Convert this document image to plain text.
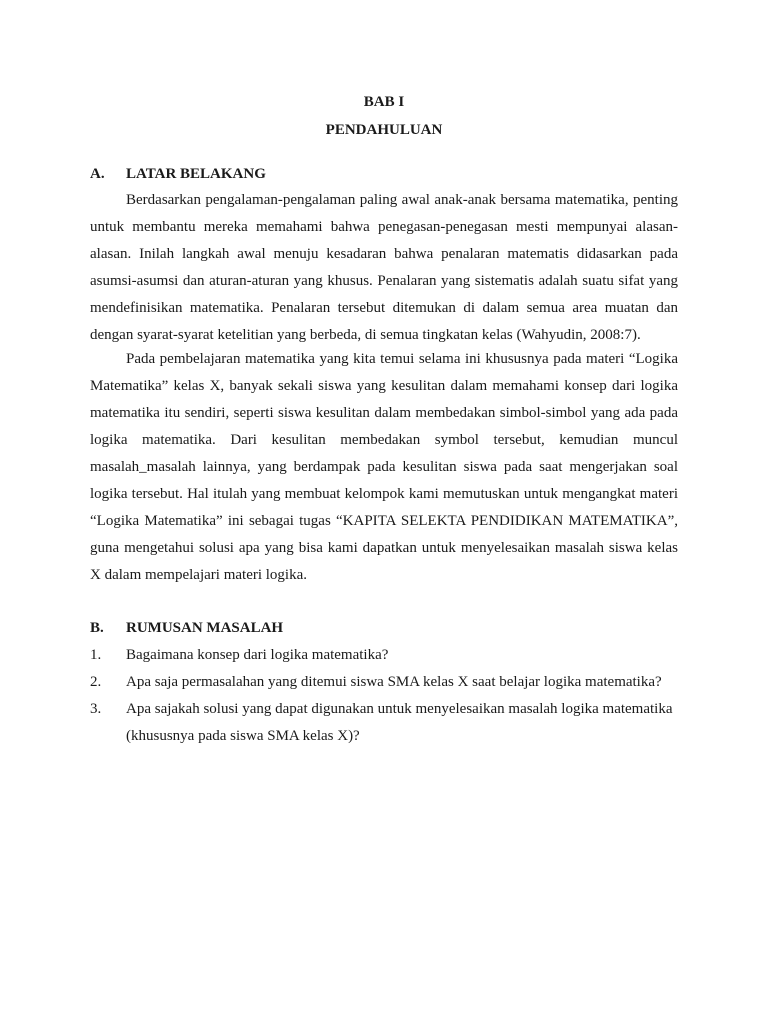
BAB I
PENDAHULUAN
A. LATAR BELAKANG

Berdasarkan pengalaman-pengalaman paling awal anak-anak bersama matematika, penting untuk membantu mereka memahami bahwa penegasan-penegasan mesti mempunyai alasan-alasan. Inilah langkah awal menuju kesadaran bahwa penalaran matematis didasarkan pada asumsi-asumsi dan aturan-aturan yang khusus. Penalaran yang sistematis adalah suatu sifat yang mendefinisikan matematika. Penalaran tersebut ditemukan di dalam semua area muatan dan dengan syarat-syarat ketelitian yang berbeda, di semua tingkatan kelas (Wahyudin, 2008:7).

Pada pembelajaran matematika yang kita temui selama ini khususnya pada materi “Logika Matematika” kelas X, banyak sekali siswa yang kesulitan dalam memahami konsep dari logika matematika itu sendiri, seperti siswa kesulitan dalam membedakan simbol-simbol yang ada pada logika matematika. Dari kesulitan membedakan symbol tersebut, kemudian muncul masalah_masalah lainnya, yang berdampak pada kesulitan siswa pada saat mengerjakan soal logika tersebut. Hal itulah yang membuat kelompok kami memutuskan untuk mengangkat materi “Logika Matematika” ini sebagai tugas “KAPITA SELEKTA PENDIDIKAN MATEMATIKA”, guna mengetahui solusi apa yang bisa kami dapatkan untuk menyelesaikan masalah siswa kelas X dalam mempelajari materi logika.

B. RUMUSAN MASALAH
1.	Bagaimana konsep dari logika matematika?
2.	Apa saja permasalahan yang ditemui siswa SMA kelas X saat belajar logika matematika?
3.	Apa sajakah solusi yang dapat digunakan untuk menyelesaikan masalah logika matematika (khususnya pada siswa SMA kelas X)?
